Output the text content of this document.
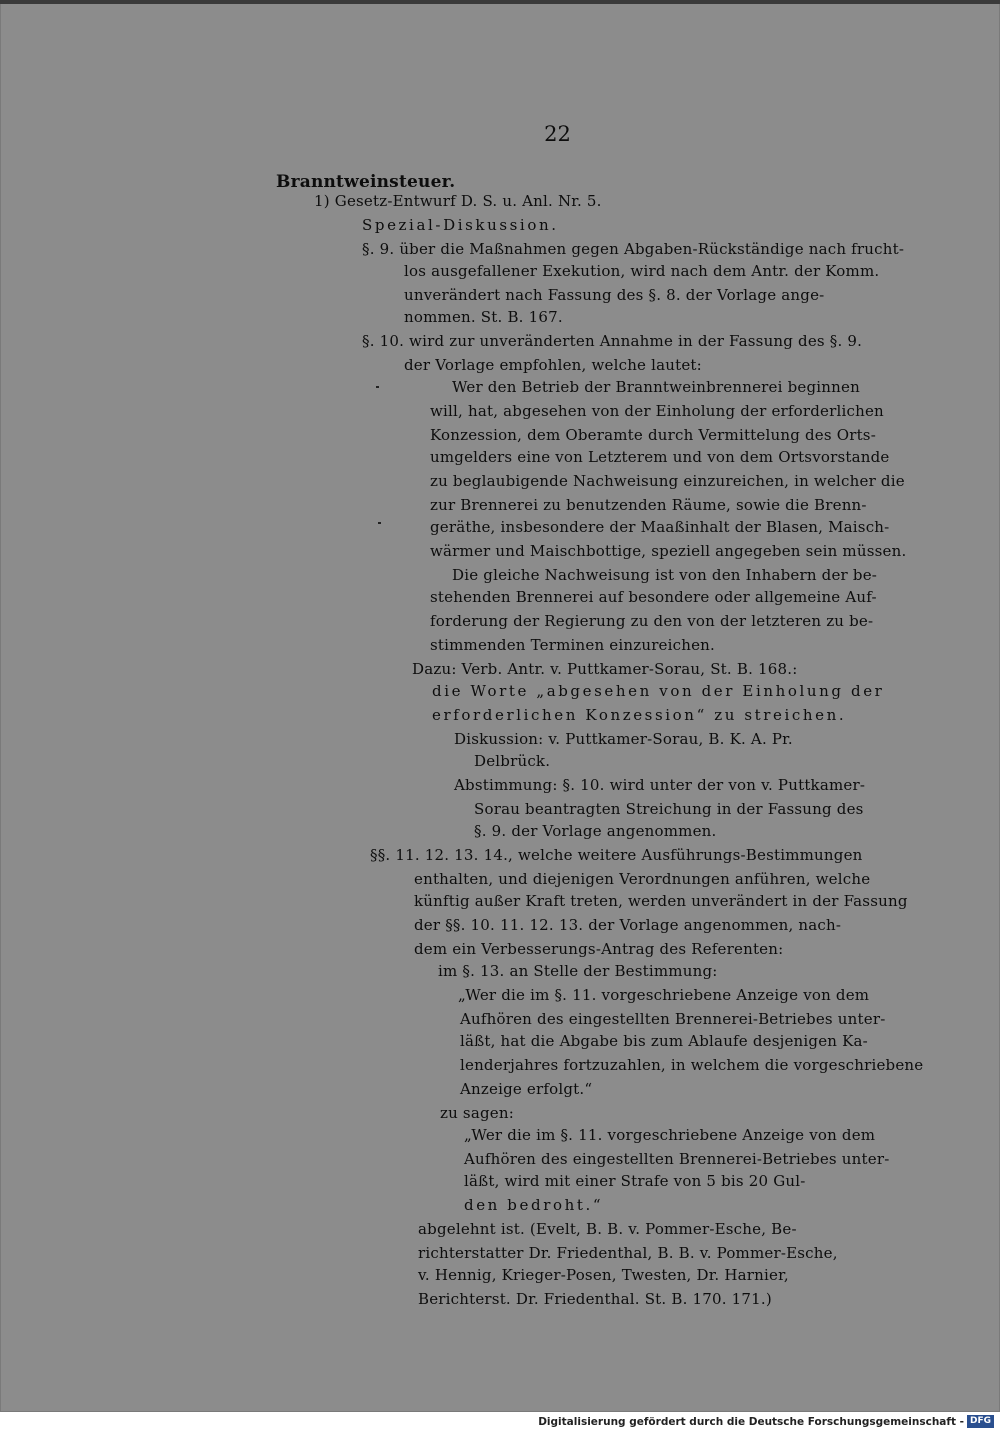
22
Branntweinsteuer.
1) Gesetz-Entwurf D. S. u. Anl. Nr. 5.
Spezial-Diskussion.
§. 9. über die Maßnahmen gegen Abgaben-Rückständige nach frucht-
los ausgefallener Exekution, wird nach dem Antr. der Komm.
unverändert nach Fassung des §. 8. der Vorlage ange-
nommen. St. B. 167.
§. 10. wird zur unveränderten Annahme in der Fassung des §. 9.
der Vorlage empfohlen, welche lautet:
Wer den Betrieb der Branntweinbrennerei beginnen
will, hat, abgesehen von der Einholung der erforderlichen
Konzession, dem Oberamte durch Vermittelung des Orts-
umgelders eine von Letzterem und von dem Ortsvorstande
zu beglaubigende Nachweisung einzureichen, in welcher die
zur Brennerei zu benutzenden Räume, sowie die Brenn-
geräthe, insbesondere der Maaßinhalt der Blasen, Maisch-
wärmer und Maischbottige, speziell angegeben sein müssen.
Die gleiche Nachweisung ist von den Inhabern der be-
stehenden Brennerei auf besondere oder allgemeine Auf-
forderung der Regierung zu den von der letzteren zu be-
stimmenden Terminen einzureichen.
Dazu: Verb. Antr. v. Puttkamer-Sorau, St. B. 168.:
die Worte „abgesehen von der Einholung der
erforderlichen Konzession“ zu streichen.
Diskussion: v. Puttkamer-Sorau, B. K. A. Pr.
Delbrück.
Abstimmung: §. 10. wird unter der von v. Puttkamer-
Sorau beantragten Streichung in der Fassung des
§. 9. der Vorlage angenommen.
§§. 11. 12. 13. 14., welche weitere Ausführungs-Bestimmungen
enthalten, und diejenigen Verordnungen anführen, welche
künftig außer Kraft treten, werden unverändert in der Fassung
der §§. 10. 11. 12. 13. der Vorlage angenommen, nach-
dem ein Verbesserungs-Antrag des Referenten:
im §. 13. an Stelle der Bestimmung:
„Wer die im §. 11. vorgeschriebene Anzeige von dem
Aufhören des eingestellten Brennerei-Betriebes unter-
läßt, hat die Abgabe bis zum Ablaufe desjenigen Ka-
lenderjahres fortzuzahlen, in welchem die vorgeschriebene
Anzeige erfolgt.“
zu sagen:
„Wer die im §. 11. vorgeschriebene Anzeige von dem
Aufhören des eingestellten Brennerei-Betriebes unter-
läßt, wird mit einer Strafe von 5 bis 20 Gul-
den bedroht.“
abgelehnt ist. (Evelt, B. B. v. Pommer-Esche, Be-
richterstatter Dr. Friedenthal, B. B. v. Pommer-Esche,
v. Hennig, Krieger-Posen, Twesten, Dr. Harnier,
Berichterst. Dr. Friedenthal. St. B. 170. 171.)
Digitalisierung gefördert durch die Deutsche Forschungsgemeinschaft - DFG
